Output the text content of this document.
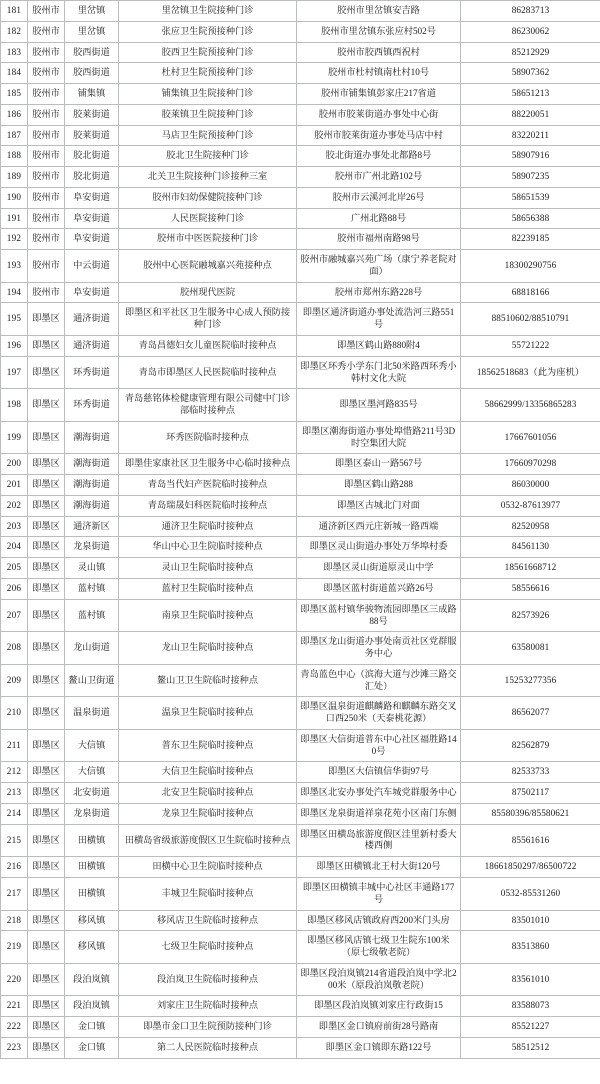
181	胶州市	里岔镇	里岔镇卫生院接种门诊	胶州市里岔镇安吉路	86283713
182	胶州市	里岔镇	张应卫生院预接种门诊	胶州市里岔镇东张应村502号	86230062
183	胶州市	胶西街道	胶西卫生院预接种门诊	胶州市胶西镇西祝村	85212929
184	胶州市	胶西街道	杜村卫生院预接种门诊	胶州市杜村镇南杜村10号	58907362
185	胶州市	铺集镇	铺集镇卫生院接种门诊	胶州市铺集镇彭家庄217省道	58651213
186	胶州市	胶莱街道	胶莱镇卫生院接种门诊	胶州市胶莱街道办事处中心街	88220051
187	胶州市	胶莱街道	马店卫生院预接种门诊	胶州市胶莱街道办事处马店中村	83220211
188	胶州市	胶北街道	胶北卫生院接种门诊	胶北街道办事处北都路8号	58907916
189	胶州市	胶北街道	北关卫生院接种门诊接种三室	胶州市广州北路102号	58907235
190	胶州市	阜安街道	胶州市妇幼保健院接种门诊	胶州市云溪河北岸26号	58651539
191	胶州市	阜安街道	人民医院接种门诊	广州北路88号	58656388
192	胶州市	阜安街道	胶州市中医医院接种门诊	胶州市福州南路98号	82239185
193	胶州市	中云街道	胶州中心医院融城嘉兴苑接种点	胶州市融城嘉兴苑广场（康宁养老院对面）	18300290756
194	胶州市	阜安街道	胶州现代医院	胶州市郑州东路228号	68818166
195	即墨区	通济街道	即墨区和平社区卫生服务中心成人预防接种门诊	即墨区通济街道办事处流浩河三路551号	88510602/88510791
196	即墨区	通济街道	青岛昌德妇女儿童医院临时接种点	即墨区鹤山路880附4	55721222
197	即墨区	环秀街道	青岛市即墨区人民医院临时接种点	即墨区环秀小学东门北50米路西环秀小韩村文化大院	18562518683（此为座机）
198	即墨区	环秀街道	青岛慈铭体检健康管理有限公司健中门诊部临时接种点	即墨区墨河路835号	58662999/13356865283
199	即墨区	潮海街道	环秀医院临时接种点	即墨区潮海街道办事处埠惜路211号3D时空集团大院	17667601056
200	即墨区	潮海街道	即墨佳家康社区卫生服务中心临时接种点	即墨区泰山一路567号	17660970298
201	即墨区	潮海街道	青岛当代妇产医院临时接种点	即墨区鹤山路288	86030000
202	即墨区	潮海街道	青岛瑞晟妇科医院临时接种点	即墨区古城北门对面	0532-87613977
203	即墨区	通济新区	通济卫生院临时接种点	通济新区西元庄新城一路西端	82520958
204	即墨区	龙泉街道	华山中心卫生院临时接种点	即墨区灵山街道办事处万华埠村委	84561130
205	即墨区	灵山镇	灵山卫生院临时接种点	即墨区灵山街道原灵山中学	18561668712
206	即墨区	蓝村镇	蓝村卫生院临时接种点	即墨区蓝村街道蓝兴路26号	58556616
207	即墨区	蓝村镇	南泉卫生院临时接种点	即墨区蓝村镇华骏物流园即墨区三成路88号	82573926
208	即墨区	龙山街道	龙山卫生院临时接种点	即墨区龙山街道办事处南贡社区党群服务中心	63580081
209	即墨区	鳌山卫街道	鳌山卫卫生院临时接种点	青岛蓝色中心（滨海大道与沙滩三路交汇处）	15253277356
210	即墨区	温泉街道	温泉卫生院临时接种点	即墨区温泉街道麒麟路和麒麟东路交叉口西250米（天泰桃花源）	86562077
211	即墨区	大信镇	普东卫生院临时接种点	即墨区大信街道普东中心社区福胜路140号	82562879
212	即墨区	大信镇	大信卫生院临时接种点	即墨区大信镇信华街97号	82533733
213	即墨区	北安街道	北安卫生院临时接种点	即墨区北安办事处汽车城党群服务中心	87502117
214	即墨区	龙泉街道	龙泉卫生院临时接种点	即墨区龙泉街道祥泉花苑小区南门东侧	85580396/85580621
215	即墨区	田横镇	田横岛省级旅游度假区卫生院临时接种点	即墨区田横岛旅游度假区洼里新村委大楼西侧	85561616
216	即墨区	田横镇	田横中心卫生院临时接种点	即墨区田横镇北王村大街120号	18661850297/86500722
217	即墨区	田横镇	丰城卫生院临时接种点	即墨区田横镇丰城中心社区丰通路177号	0532-85531260
218	即墨区	移风镇	移风店卫生院临时接种点	即墨区移风店镇政府西200米门头房	83501010
219	即墨区	移风镇	七级卫生院临时接种点	即墨区移风店镇七级卫生院东100米（原七级敬老院）	83513860
220	即墨区	段泊岚镇	段泊岚卫生院临时接种点	即墨区段泊岚镇214省道段泊岚中学北200米（原段泊岚敬老院）	83561010
221	即墨区	段泊岚镇	刘家庄卫生院临时接种点	即墨区段泊岚镇刘家庄行政街15	83588073
222	即墨区	金口镇	即墨市金口卫生院预防接种门诊	即墨区金口镇府前街28号路南	85521227
223	即墨区	金口镇	第二人民医院临时接种点	即墨区金口镇即东路122号	58512512
